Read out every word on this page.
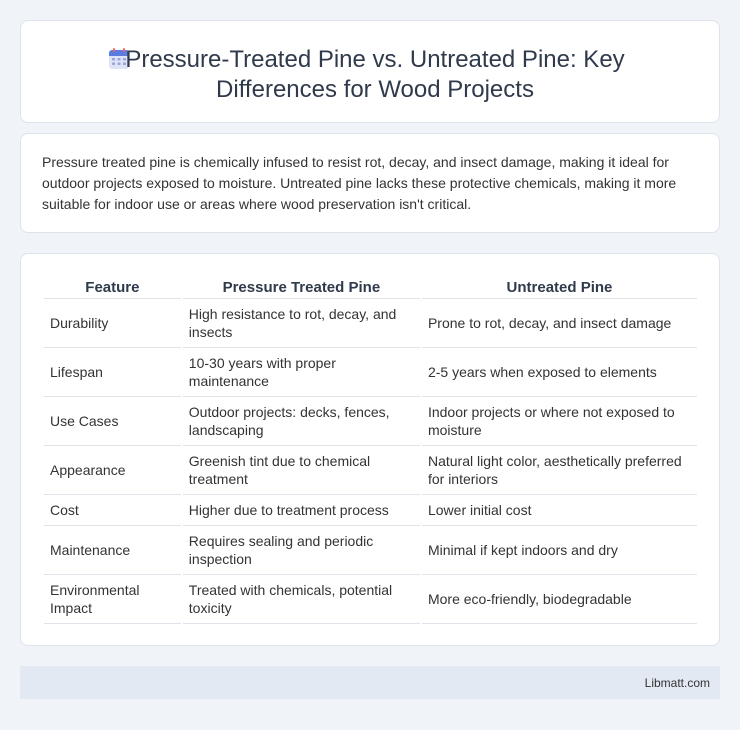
Pressure-Treated Pine vs. Untreated Pine: Key Differences for Wood Projects

Pressure treated pine is chemically infused to resist rot, decay, and insect damage, making it ideal for outdoor projects exposed to moisture. Untreated pine lacks these protective chemicals, making it more suitable for indoor use or areas where wood preservation isn't critical.

Feature	Pressure Treated Pine	Untreated Pine
Durability	High resistance to rot, decay, and insects	Prone to rot, decay, and insect damage
Lifespan	10-30 years with proper maintenance	2-5 years when exposed to elements
Use Cases	Outdoor projects: decks, fences, landscaping	Indoor projects or where not exposed to moisture
Appearance	Greenish tint due to chemical treatment	Natural light color, aesthetically preferred for interiors
Cost	Higher due to treatment process	Lower initial cost
Maintenance	Requires sealing and periodic inspection	Minimal if kept indoors and dry
Environmental Impact	Treated with chemicals, potential toxicity	More eco-friendly, biodegradable
Libmatt.com
